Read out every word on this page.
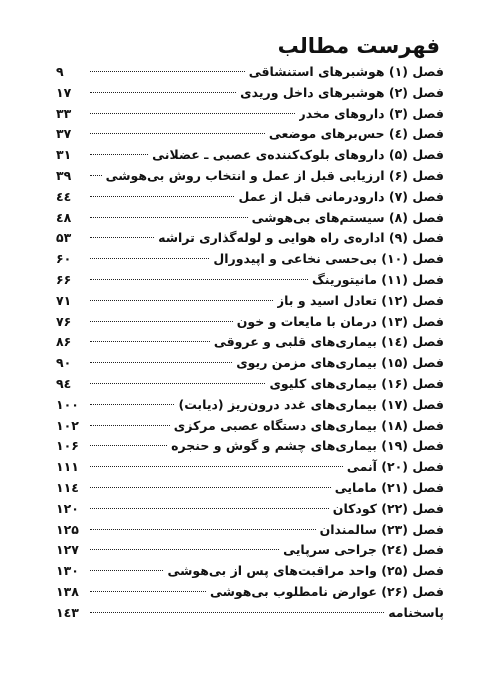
فهرست مطالب
فصل (۱) هوشبرهای استنشاقی
۹
فصل (۲) هوشبرهای داخل وریدی
۱۷
فصل (۳) داروهای مخدر
۳۳
فصل (٤) حس‌برهای موضعی
۳۷
فصل (۵) داروهای بلوک‌کننده‌ی عصبی ـ عضلانی
۳۱
فصل (۶) ارزیابی قبل از عمل و انتخاب روش بی‌هوشی
۳۹
فصل (۷) دارودرمانی قبل از عمل
٤٤
فصل (۸) سیستم‌های بی‌هوشی
٤۸
فصل (۹) اداره‌ی راه هوایی و لوله‌گذاری تراشه
۵۳
فصل (۱۰) بی‌حسی نخاعی و اپیدورال
۶۰
فصل (۱۱) مانیتورینگ
۶۶
فصل (۱۲) تعادل اسید و باز
۷۱
فصل (۱۳) درمان با مایعات و خون
۷۶
فصل (۱٤) بیماری‌های قلبی و عروقی
۸۶
فصل (۱۵) بیماری‌های مزمن ریوی
۹۰
فصل (۱۶) بیماری‌های کلیوی
۹٤
فصل (۱۷) بیماری‌های غدد درون‌ریز (دیابت)
۱۰۰
فصل (۱۸) بیماری‌های دستگاه عصبی مرکزی
۱۰۲
فصل (۱۹) بیماری‌های چشم و گوش و حنجره
۱۰۶
فصل (۲۰) آنمی
۱۱۱
فصل (۲۱) مامایی
۱۱٤
فصل (۲۲) کودکان
۱۲۰
فصل (۲۳) سالمندان
۱۲۵
فصل (۲٤) جراحی سرپایی
۱۲۷
فصل (۲۵) واحد مراقبت‌های پس از بی‌هوشی
۱۳۰
فصل (۲۶) عوارض نامطلوب بی‌هوشی
۱۳۸
پاسخنامه
۱٤۳
